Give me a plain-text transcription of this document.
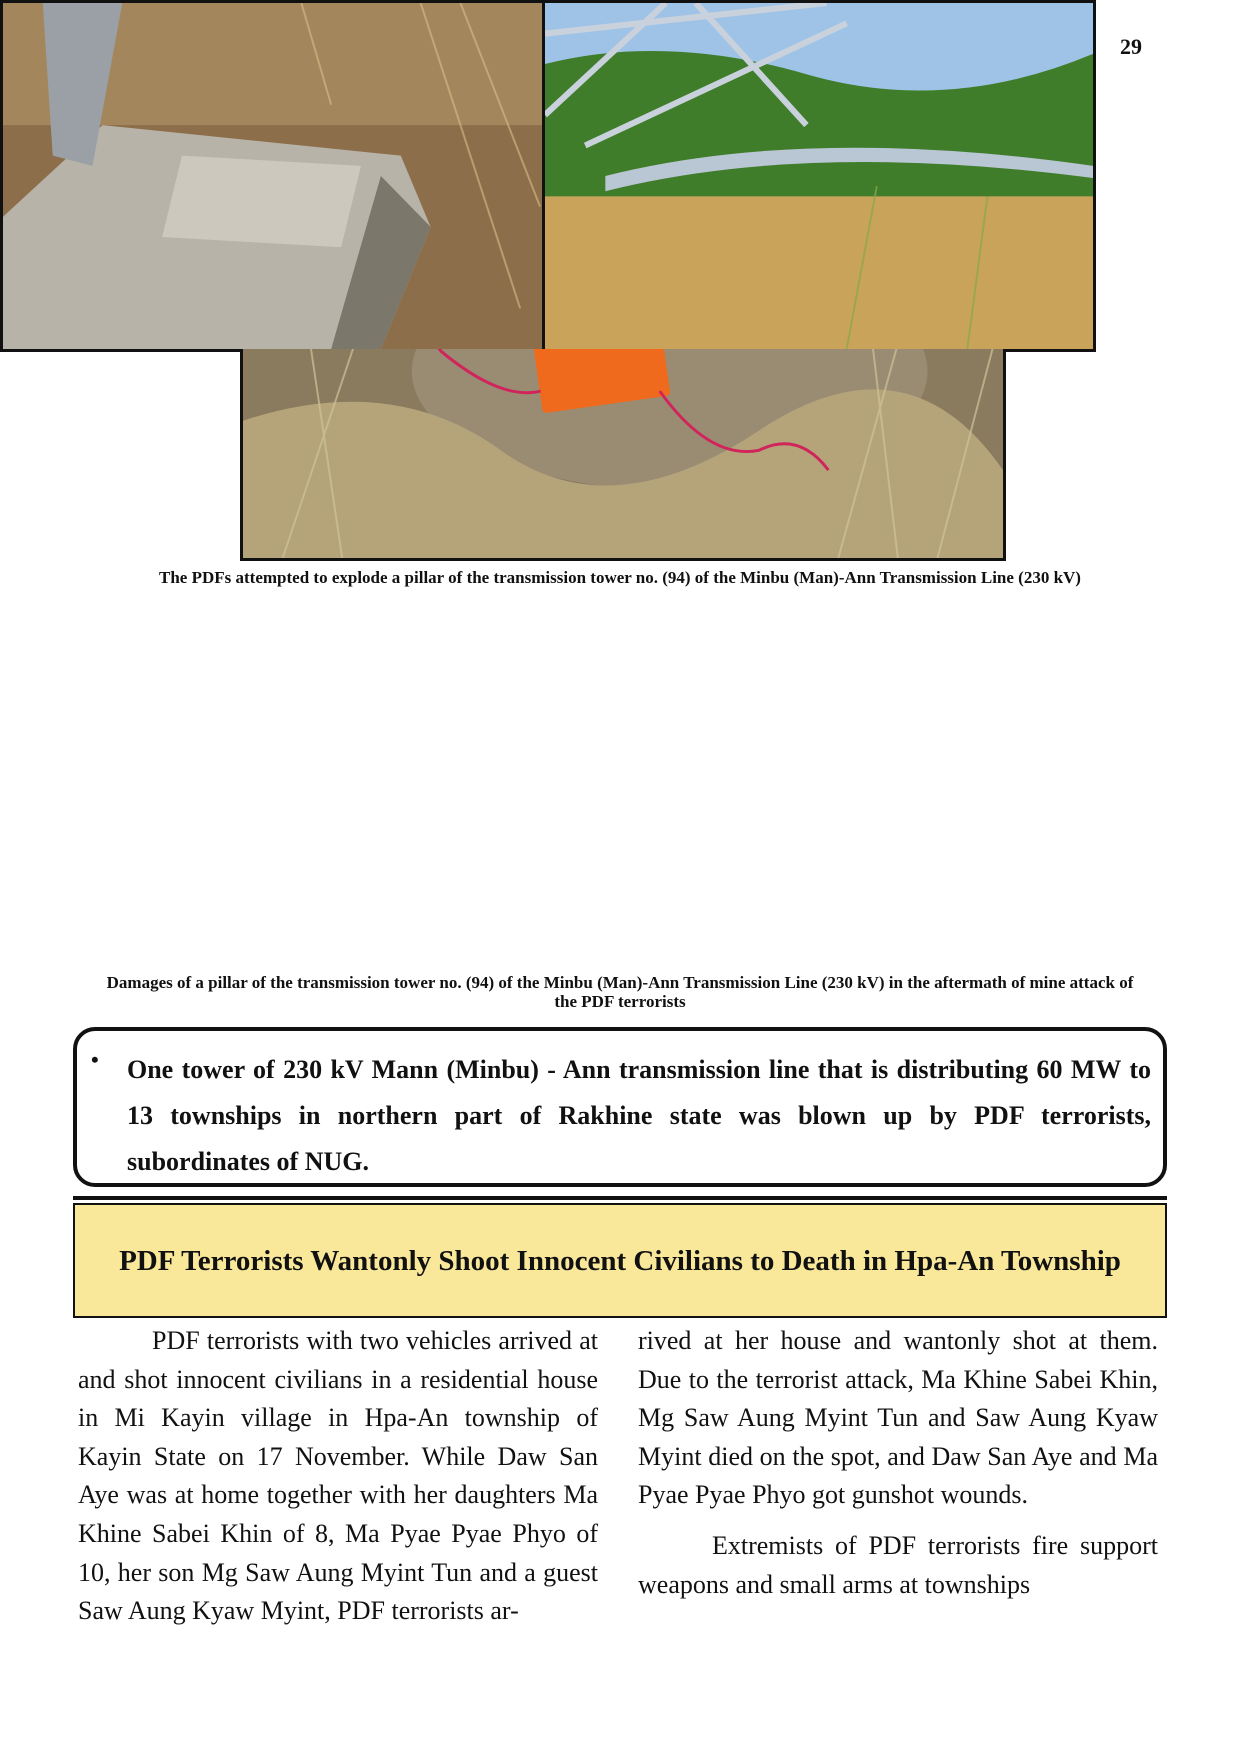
29
The PDFs attempted to explode a pillar of the transmission tower no. (94) of the Minbu (Man)-Ann Transmission Line (230 kV)
Damages of a pillar of the transmission tower no. (94) of the Minbu (Man)-Ann Transmission Line (230 kV) in the aftermath of mine attack of the PDF terrorists
• One tower of 230 kV Mann (Minbu) - Ann transmission line that is distributing 60 MW to 13 townships in northern part of Rakhine state was blown up by PDF terrorists, subordinates of NUG.

PDF Terrorists Wantonly Shoot Innocent Civilians to Death in Hpa-An Township

PDF terrorists with two vehicles arrived at and shot innocent civilians in a residential house in Mi Kayin village in Hpa-An township of Kayin State on 17 November. While Daw San Aye was at home together with her daughters Ma Khine Sabei Khin of 8, Ma Pyae Pyae Phyo of 10, her son Mg Saw Aung Myint Tun and a guest Saw Aung Kyaw Myint, PDF terrorists ar-

rived at her house and wantonly shot at them. Due to the terrorist attack, Ma Khine Sabei Khin, Mg Saw Aung Myint Tun and Saw Aung Kyaw Myint died on the spot, and Daw San Aye and Ma Pyae Pyae Phyo got gunshot wounds.

Extremists of PDF terrorists fire support weapons and small arms at townships
